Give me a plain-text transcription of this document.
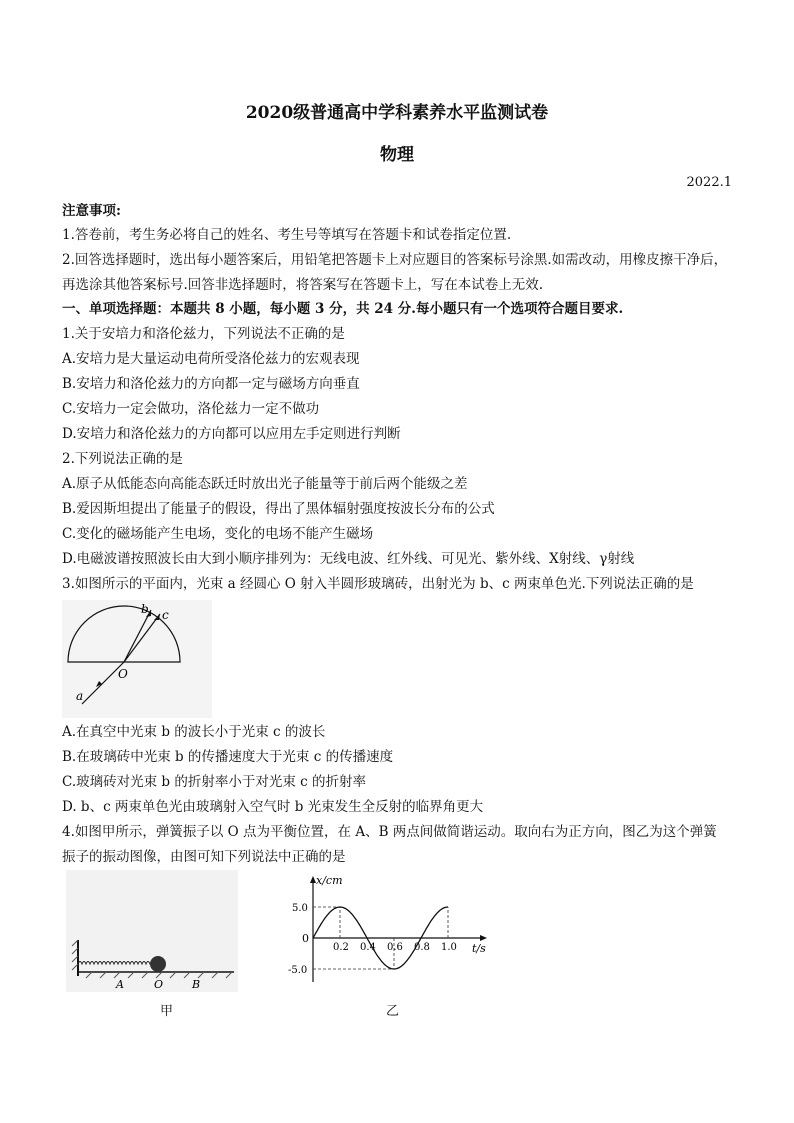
2020级普通高中学科素养水平监测试卷
物理
2022.1
注意事项:
1.答卷前，考生务必将自己的姓名、考生号等填写在答题卡和试卷指定位置.
2.回答选择题时，选出每小题答案后，用铅笔把答题卡上对应题目的答案标号涂黑.如需改动，用橡皮擦干净后，
再选涂其他答案标号.回答非选择题时，将答案写在答题卡上，写在本试卷上无效.
一、单项选择题：本题共 8 小题，每小题 3 分，共 24 分.每小题只有一个选项符合题目要求.
1.关于安培力和洛伦兹力，下列说法不正确的是
A.安培力是大量运动电荷所受洛伦兹力的宏观表现
B.安培力和洛伦兹力的方向都一定与磁场方向垂直
C.安培力一定会做功，洛伦兹力一定不做功
D.安培力和洛伦兹力的方向都可以应用左手定则进行判断
2.下列说法正确的是
A.原子从低能态向高能态跃迁时放出光子能量等于前后两个能级之差
B.爱因斯坦提出了能量子的假设，得出了黑体辐射强度按波长分布的公式
C.变化的磁场能产生电场，变化的电场不能产生磁场
D.电磁波谱按照波长由大到小顺序排列为：无线电波、红外线、可见光、紫外线、X射线、γ射线
3.如图所示的平面内，光束 a 经圆心 O 射入半圆形玻璃砖，出射光为 b、c 两束单色光.下列说法正确的是
a
b c
O
A.在真空中光束 b 的波长小于光束 c 的波长
B.在玻璃砖中光束 b 的传播速度大于光束 c 的传播速度
C.玻璃砖对光束 b 的折射率小于对光束 c 的折射率
D. b、c 两束单色光由玻璃射入空气时 b 光束发生全反射的临界角更大
4.如图甲所示，弹簧振子以 O 点为平衡位置，在 A、B 两点间做简谐运动。取向右为正方向，图乙为这个弹簧
振子的振动图像，由图可知下列说法中正确的是
A	O	B
甲
x/cm
t/s
0
0.2 0.4 0.6 0.8 1.0
5.0
-5.0
乙
